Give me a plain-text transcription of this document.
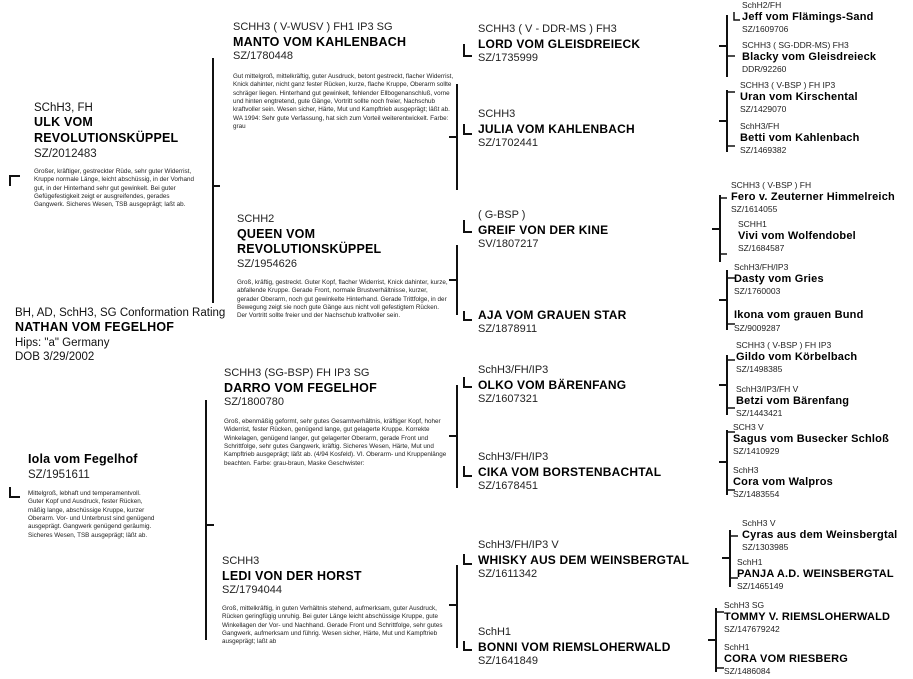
BH, AD, SchH3, SG Conformation Rating
NATHAN VOM FEGELHOF
Hips: "a" Germany
DOB 3/29/2002
SChH3, FH
ULK VOM
REVOLUTIONSKÜPPEL
SZ/2012483
Großer, kräftiger, gestreckter Rüde, sehr guter Widerrist, Kruppe normale Länge, leicht abschüssig, in der Vorhand gut, in der Hinterhand sehr gut gewinkelt. Bei guter Gefügefestigkeit zeigt er ausgreifendes, gerades Gangwerk. Sicheres Wesen, TSB ausgeprägt; laßt ab.
Iola vom Fegelhof
SZ/1951611
Mittelgroß, lebhaft und temperamentvoll. Guter Kopf und Ausdruck, fester Rücken, mäßig lange, abschüssige Kruppe, kurzer Oberarm. Vor- und Unterbrust sind genügend ausgeprägt. Gangwerk genügend geräumig. Sicheres Wesen, TSB ausgeprägt; läßt ab.
SCHH3 ( V-WUSV ) FH1 IP3 SG
MANTO VOM KAHLENBACH
SZ/1780448
Gut mittelgroß, mittelkräftig, guter Ausdruck, betont gestreckt, flacher Widerrist, Knick dahinter, nicht ganz fester Rücken, kurze, flache Kruppe, Oberarm sollte schräger liegen. Hinterhand gut gewinkelt, fehlender Ellbogenanschluß, vorne und hinten engtretend, gute Gänge, Vortritt sollte noch freier, Nachschub kraftvoller sein. Wesen sicher, Härte, Mut und Kampftrieb ausgeprägt; läßt ab. WA 1994: Sehr gute Verfassung, hat sich zum Vorteil weiterentwickelt. Farbe: grau
SCHH2
QUEEN VOM
REVOLUTIONSKÜPPEL
SZ/1954626
Groß, kräftig, gestreckt. Guter Kopf, flacher Widerrist, Knick dahinter, kurze, abfallende Kruppe. Gerade Front, normale Brustverhältnisse, kurzer, gerader Oberarm, noch gut gewinkelte Hinterhand. Gerade Trittfolge, in der Bewegung zeigt sie noch gute Gänge aus nicht voll gefestigtem Rücken. Der Vortritt sollte freier und der Nachschub kraftvoller sein.
SCHH3 (SG-BSP) FH IP3 SG
DARRO VOM FEGELHOF
SZ/1800780
Groß, ebenmäßig geformt, sehr gutes Gesamtverhältnis, kräftiger Kopf, hoher Widerrist, fester Rücken, genügend lange, gut gelagerte Kruppe. Korrekte Winkelagen, genügend langer, gut gelagerter Oberarm, gerade Front und Schrittfolge, sehr gutes Gangwerk, kräftig. Sicheres Wesen, Härte, Mut und Kampftrieb ausgeprägt; läßt ab. (4/94 Kosfeld). VI. Oberarm- und Kruppenlänge beachten. Farbe: grau-braun, Maske Geschwister:
SCHH3
LEDI VON DER HORST
SZ/1794044
Groß, mittelkräftig, in guten Verhältnis stehend, aufmerksam, guter Ausdruck, Rücken geringfügig unruhig. Bei guter Länge leicht abschüssige Kruppe, gute Winkellagen der Vor- und Nachhand. Gerade Front und Schrittfolge, sehr gutes Gangwerk, aufmerksam und führig. Wesen sicher, Härte, Mut und Kampftrieb ausgeprägt; laßt ab
SCHH3 ( V - DDR-MS ) FH3
LORD VOM GLEISDREIECK
SZ/1735999
SCHH3
JULIA VOM KAHLENBACH
SZ/1702441
( G-BSP )
GREIF VON DER KINE
SV/1807217
AJA VOM GRAUEN STAR
SZ/1878911
SchH3/FH/IP3
OLKO VOM BÄRENFANG
SZ/1607321
SchH3/FH/IP3
CIKA VOM BORSTENBACHTAL
SZ/1678451
SchH3/FH/IP3 V
WHISKY AUS DEM WEINSBERGTAL
SZ/1611342
SchH1
BONNI VOM RIEMSLOHERWALD
SZ/1641849
SchH2/FH
Jeff vom Flämings-Sand
SZ/1609706
SCHH3 ( SG-DDR-MS) FH3
Blacky vom Gleisdreieck
DDR/92260
SCHH3 ( V-BSP ) FH IP3
Uran vom Kirschental
SZ/1429070
SchH3/FH
Betti vom Kahlenbach
SZ/1469382
SCHH3 ( V-BSP ) FH
Fero v. Zeuterner Himmelreich
SZ/1614055
SCHH1
Vivi vom Wolfendobel
SZ/1684587
SchH3/FH/IP3
Dasty vom Gries
SZ/1760003
Ikona vom grauen Bund
SZ/9009287
SCHH3 ( V-BSP ) FH IP3
Gildo vom Körbelbach
SZ/1498385
SchH3/IP3/FH V
Betzi vom Bärenfang
SZ/1443421
SCH3 V
Sagus vom Busecker Schloß
SZ/1410929
SchH3
Cora vom Walpros
SZ/1483554
SchH3 V
Cyras aus dem Weinsbergtal
SZ/1303985
SchH1
PANJA A.D. WEINSBERGTAL
SZ/1465149
SchH3 SG
TOMMY V. RIEMSLOHERWALD
SZ/147679242
SchH1
CORA VOM RIESBERG
SZ/1486084
